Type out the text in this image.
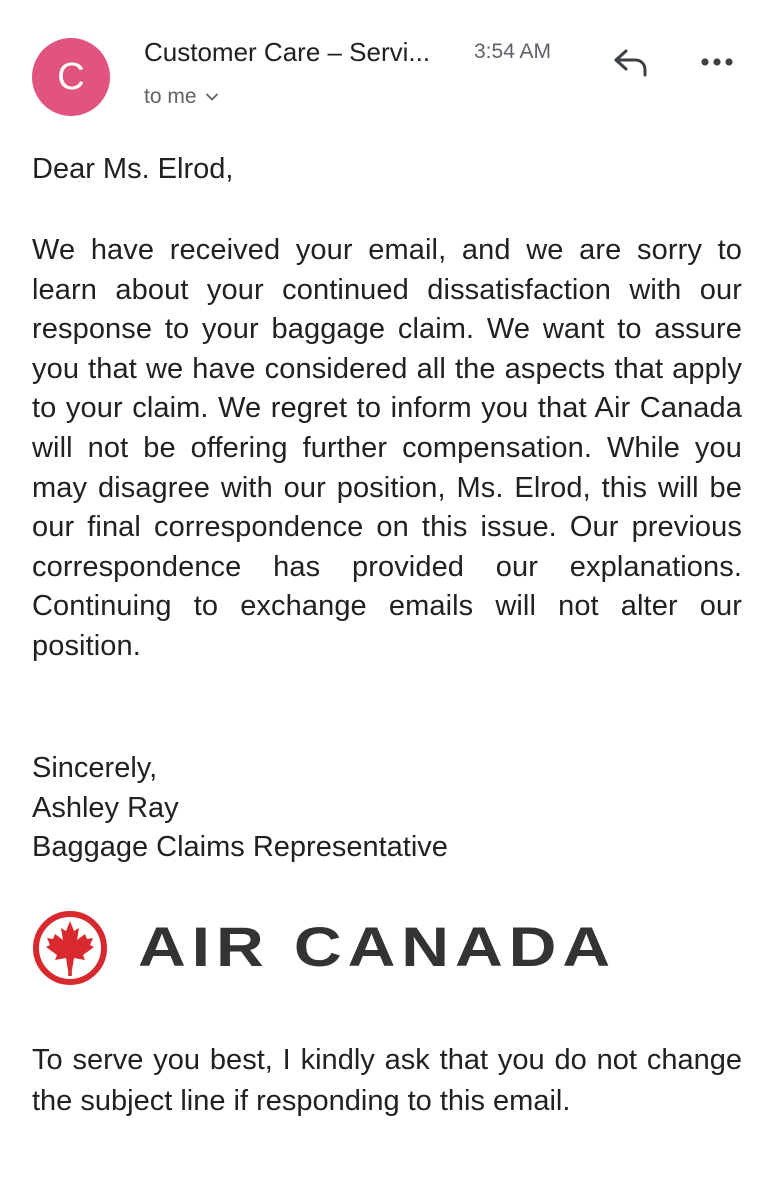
C
Customer Care – Servi...	3:54 AM
to me

Dear Ms. Elrod,

We have received your email, and we are sorry to learn about your continued dissatisfaction with our response to your baggage claim. We want to assure you that we have considered all the aspects that apply to your claim. We regret to inform you that Air Canada will not be offering further compensation. While you may disagree with our position, Ms. Elrod, this will be our final correspondence on this issue. Our previous correspondence has provided our explanations. Continuing to exchange emails will not alter our position.

Sincerely,
Ashley Ray
Baggage Claims Representative
AIR CANADA

To serve you best, I kindly ask that you do not change the subject line if responding to this email.
